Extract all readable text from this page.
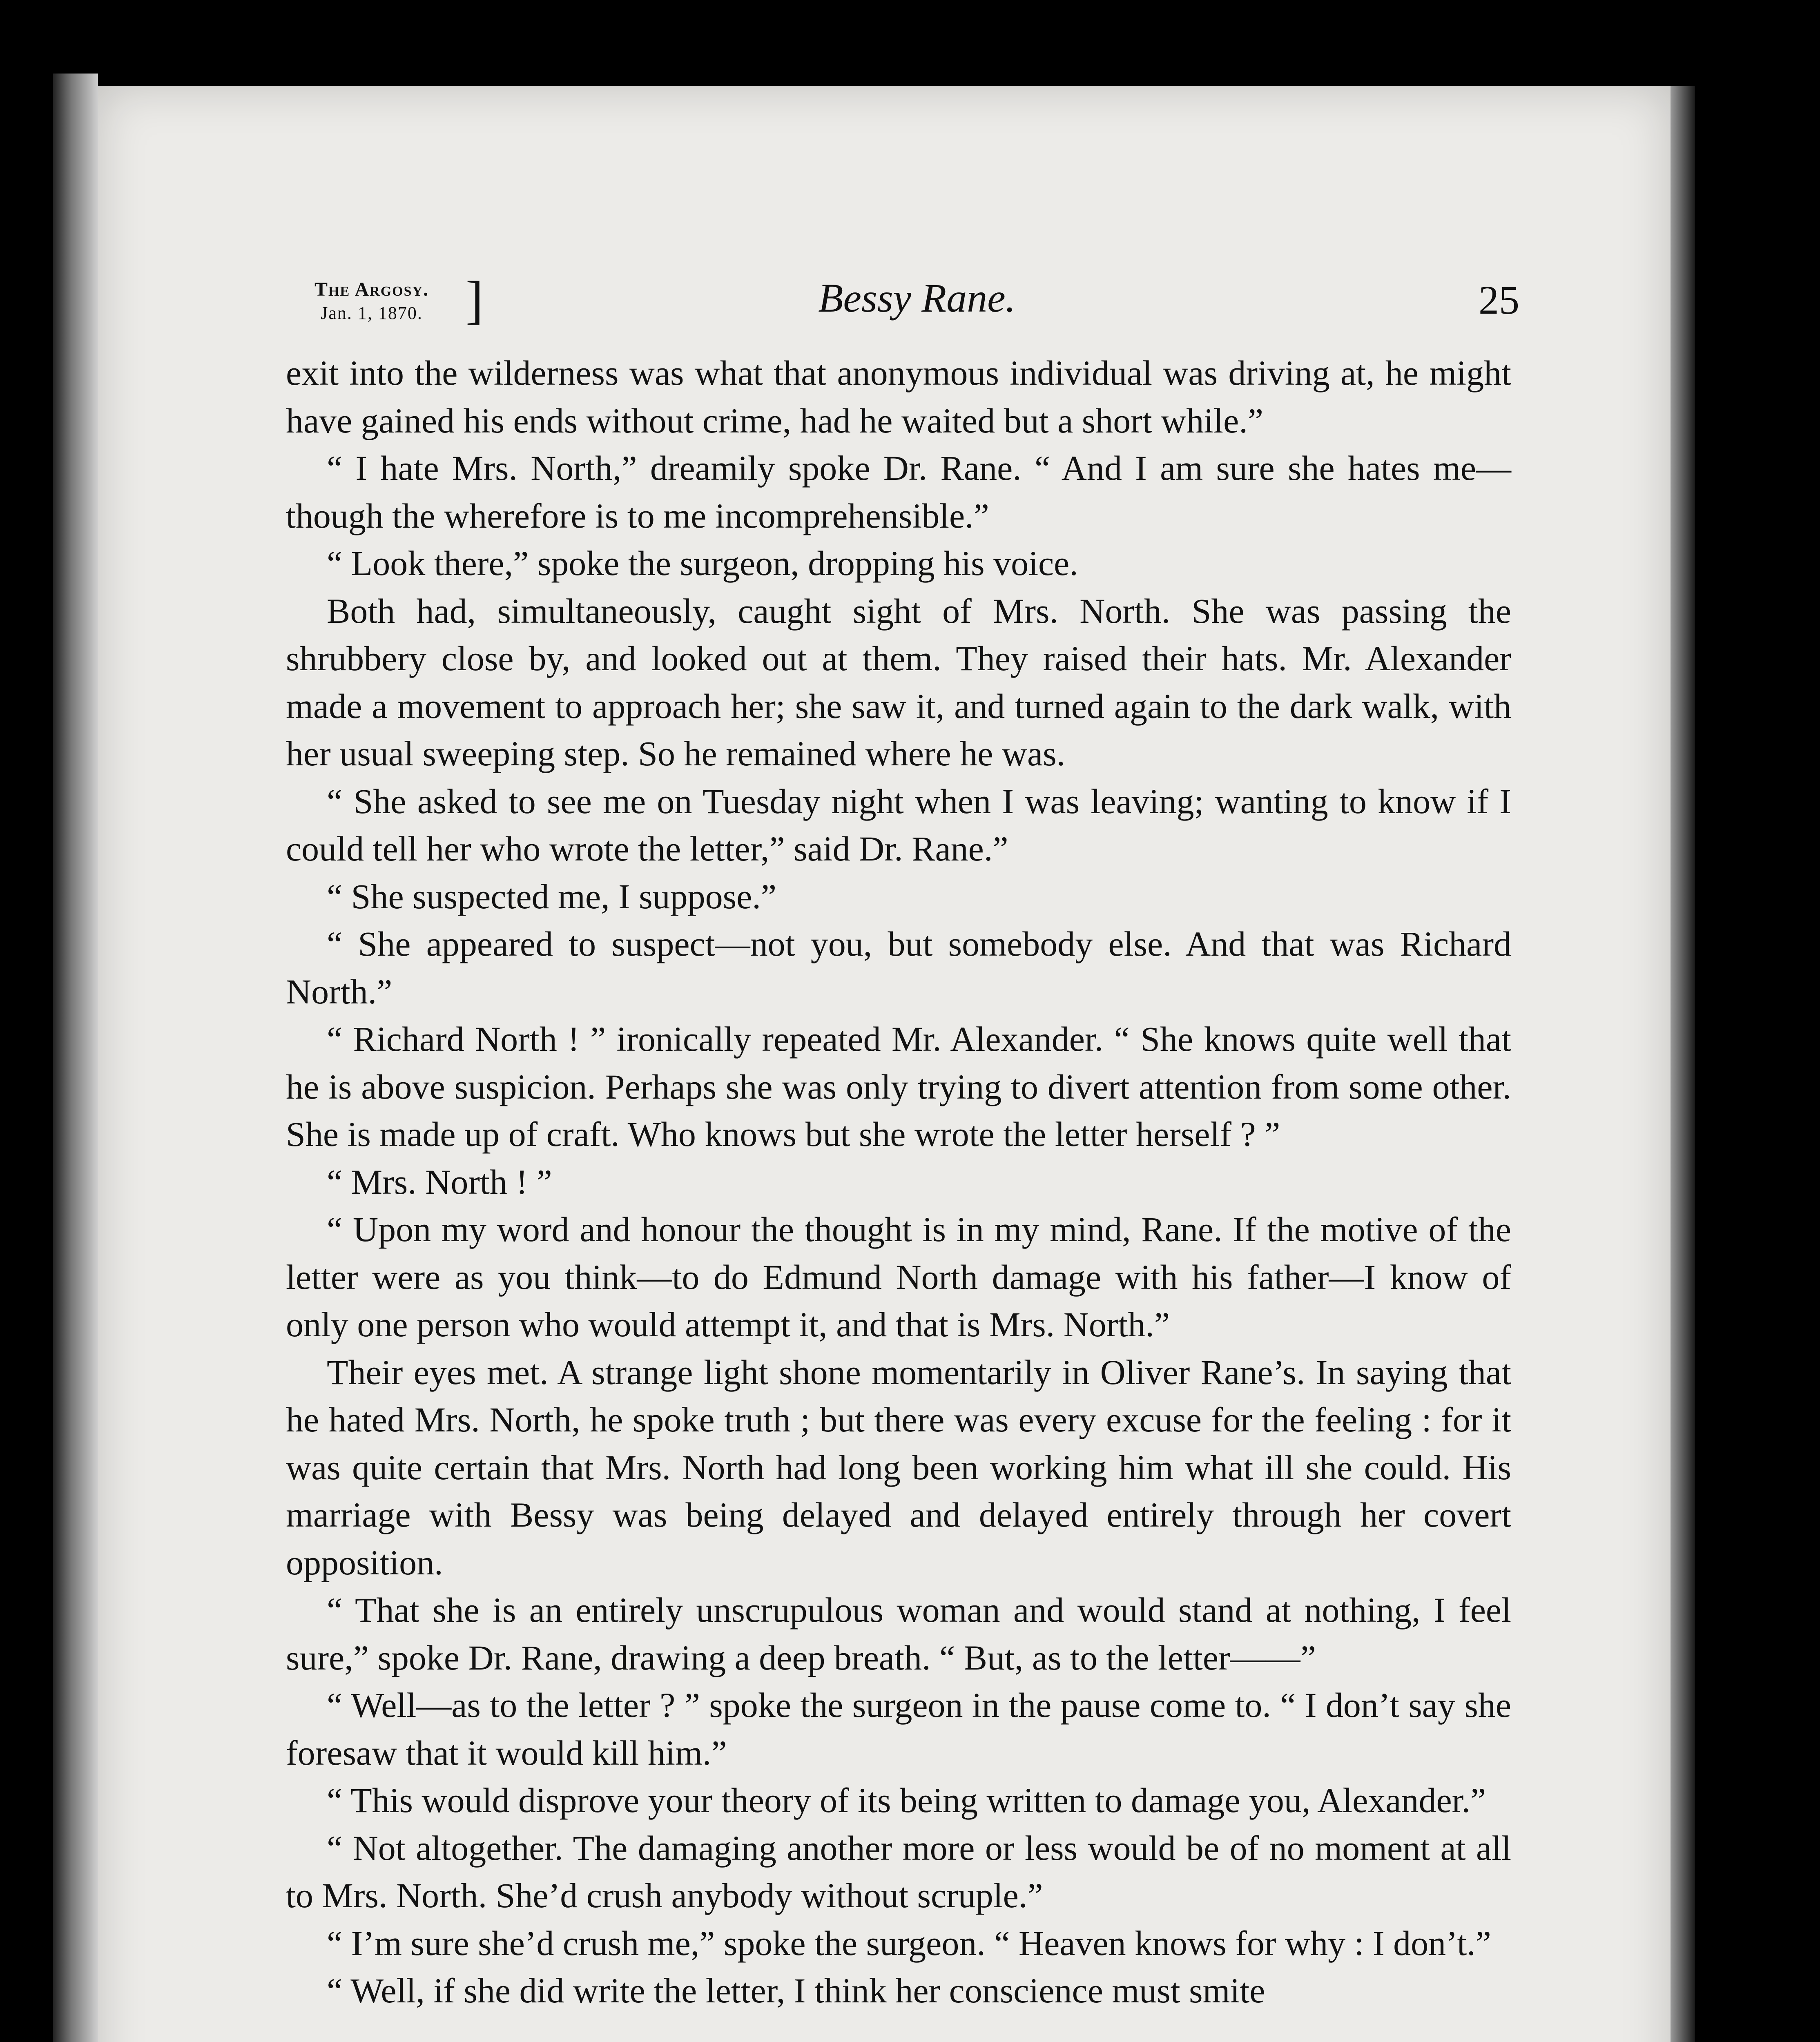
The Argosy.
Jan. 1, 1870. ]	Bessy Rane.	25

exit into the wilderness was what that anonymous individual was driving at, he might have gained his ends without crime, had he waited but a short while.”

“ I hate Mrs. North,” dreamily spoke Dr. Rane. “ And I am sure she hates me—though the wherefore is to me incomprehensible.”

“ Look there,” spoke the surgeon, dropping his voice.

Both had, simultaneously, caught sight of Mrs. North. She was passing the shrubbery close by, and looked out at them. They raised their hats. Mr. Alexander made a movement to approach her; she saw it, and turned again to the dark walk, with her usual sweeping step. So he remained where he was.

“ She asked to see me on Tuesday night when I was leaving; wanting to know if I could tell her who wrote the letter,” said Dr. Rane.”

“ She suspected me, I suppose.”

“ She appeared to suspect—not you, but somebody else. And that was Richard North.”

“ Richard North ! ” ironically repeated Mr. Alexander. “ She knows quite well that he is above suspicion. Perhaps she was only trying to divert attention from some other. She is made up of craft. Who knows but she wrote the letter herself ? ”

“ Mrs. North ! ”

“ Upon my word and honour the thought is in my mind, Rane. If the motive of the letter were as you think—to do Edmund North damage with his father—I know of only one person who would attempt it, and that is Mrs. North.”

Their eyes met. A strange light shone momentarily in Oliver Rane’s. In saying that he hated Mrs. North, he spoke truth ; but there was every excuse for the feeling : for it was quite certain that Mrs. North had long been working him what ill she could. His marriage with Bessy was being delayed and delayed entirely through her covert opposition.

“ That she is an entirely unscrupulous woman and would stand at nothing, I feel sure,” spoke Dr. Rane, drawing a deep breath. “ But, as to the letter——”

“ Well—as to the letter ? ” spoke the surgeon in the pause come to. “ I don’t say she foresaw that it would kill him.”

“ This would disprove your theory of its being written to damage you, Alexander.”

“ Not altogether. The damaging another more or less would be of no moment at all to Mrs. North. She’d crush anybody without scruple.”

“ I’m sure she’d crush me,” spoke the surgeon. “ Heaven knows for why : I don’t.”

“ Well, if she did write the letter, I think her conscience must smite
